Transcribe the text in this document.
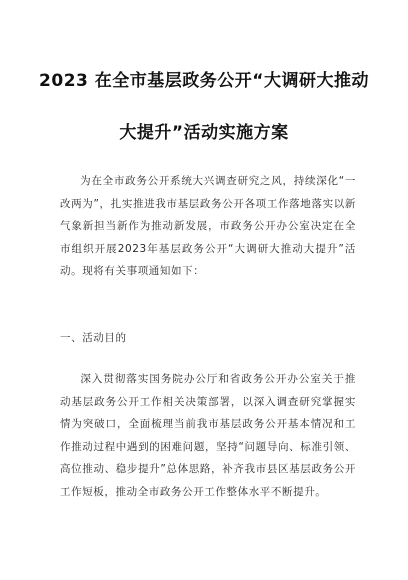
2023 在全市基层政务公开“大调研大推动
大提升”活动实施方案

为在全市政务公开系统大兴调查研究之风，持续深化“一改两为”，扎实推进我市基层政务公开各项工作落地落实以新气象新担当新作为推动新发展，市政务公开办公室决定在全市组织开展2023年基层政务公开“大调研大推动大提升”活动。现将有关事项通知如下：

一、活动目的

深入贯彻落实国务院办公厅和省政务公开办公室关于推动基层政务公开工作相关决策部署，以深入调查研究掌握实情为突破口，全面梳理当前我市基层政务公开基本情况和工作推动过程中遇到的困难问题，坚持“问题导向、标准引领、高位推动、稳步提升”总体思路，补齐我市县区基层政务公开工作短板，推动全市政务公开工作整体水平不断提升。
